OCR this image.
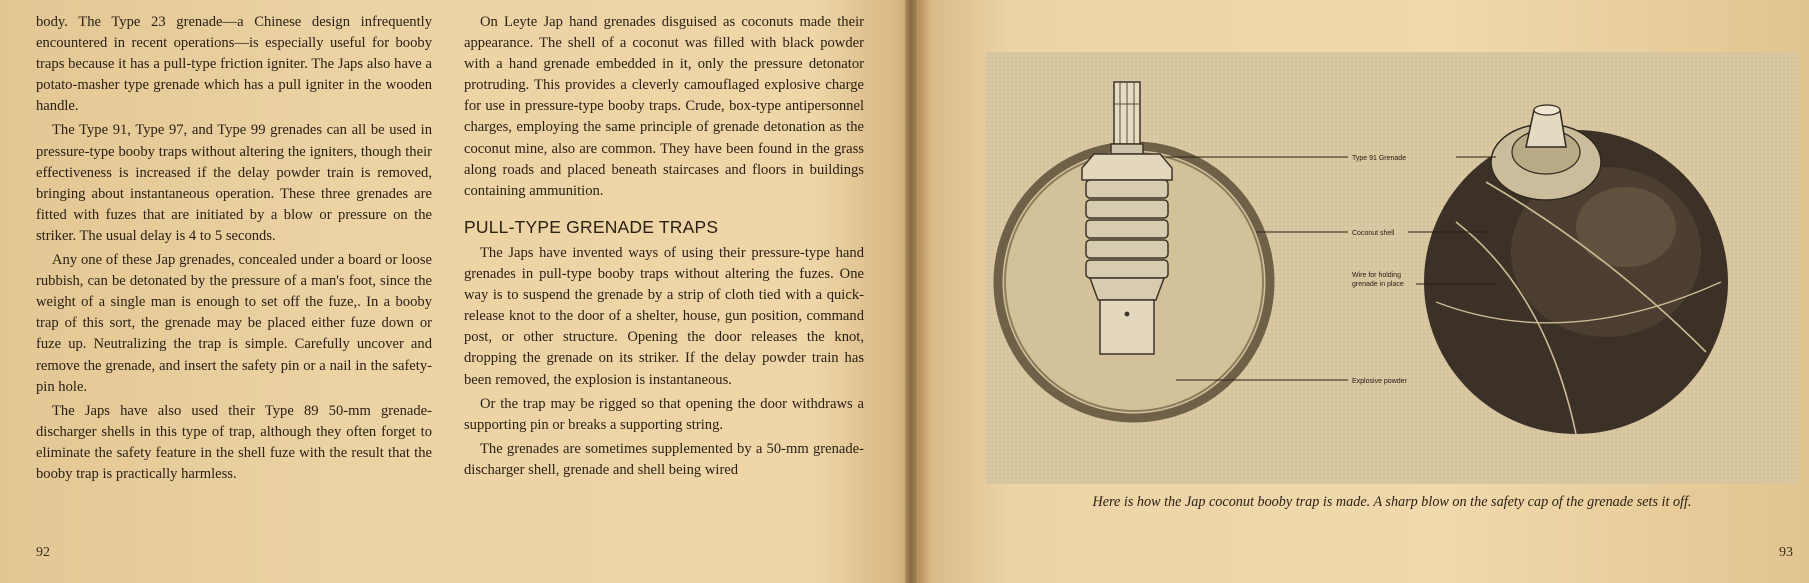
body. The Type 23 grenade—a Chinese design infrequently encountered in recent operations—is especially useful for booby traps because it has a pull-type friction igniter. The Japs also have a potato-masher type grenade which has a pull igniter in the wooden handle.

The Type 91, Type 97, and Type 99 grenades can all be used in pressure-type booby traps without altering the igniters, though their effectiveness is increased if the delay powder train is removed, bringing about instantaneous operation. These three grenades are fitted with fuzes that are initiated by a blow or pressure on the striker. The usual delay is 4 to 5 seconds.

Any one of these Jap grenades, concealed under a board or loose rubbish, can be detonated by the pressure of a man's foot, since the weight of a single man is enough to set off the fuze,. In a booby trap of this sort, the grenade may be placed either fuze down or fuze up. Neutralizing the trap is simple. Carefully uncover and remove the grenade, and insert the safety pin or a nail in the safety-pin hole.

The Japs have also used their Type 89 50-mm grenade-discharger shells in this type of trap, although they often forget to eliminate the safety feature in the shell fuze with the result that the booby trap is practically harmless.

On Leyte Jap hand grenades disguised as coconuts made their appearance. The shell of a coconut was filled with black powder with a hand grenade embedded in it, only the pressure detonator protruding. This provides a cleverly camouflaged explosive charge for use in pressure-type booby traps. Crude, box-type antipersonnel charges, employing the same principle of grenade detonation as the coconut mine, also are common. They have been found in the grass along roads and placed beneath staircases and floors in buildings containing ammunition.

PULL-TYPE GRENADE TRAPS

The Japs have invented ways of using their pressure-type hand grenades in pull-type booby traps without altering the fuzes. One way is to suspend the grenade by a strip of cloth tied with a quick-release knot to the door of a shelter, house, gun position, command post, or other structure. Opening the door releases the knot, dropping the grenade on its striker. If the delay powder train has been removed, the explosion is instantaneous.

Or the trap may be rigged so that opening the door withdraws a supporting pin or breaks a supporting string.

The grenades are sometimes supplemented by a 50-mm grenade-discharger shell, grenade and shell being wired

92
Type 91 Grenade
Coconut shell
Wire for holding
grenade in place
Explosive powder
Here is how the Jap coconut booby trap is made. A sharp blow on the safety cap of the grenade sets it off.
93
